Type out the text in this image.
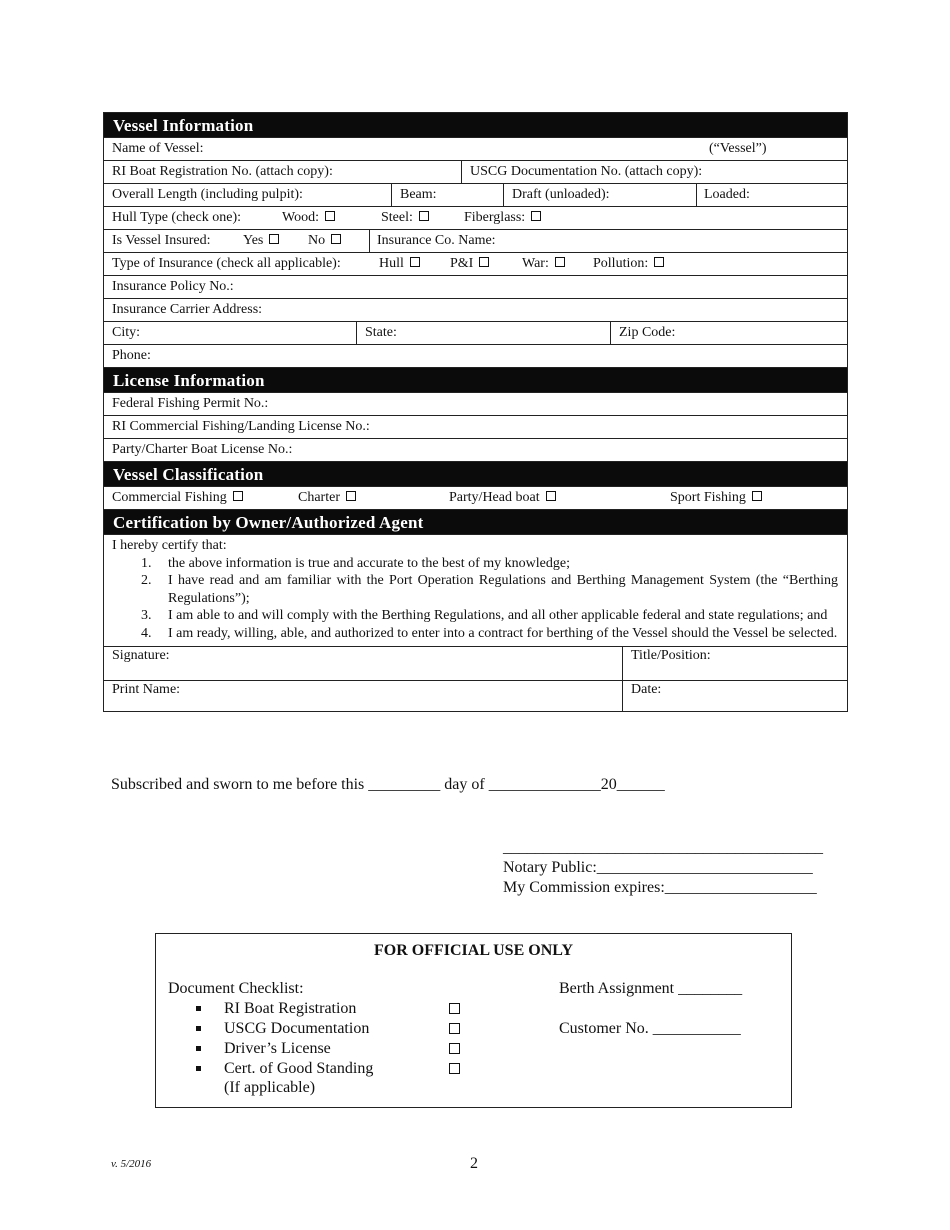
Vessel Information
Name of Vessel:	(“Vessel”)
RI Boat Registration No. (attach copy):	USCG Documentation No. (attach copy):
Overall Length (including pulpit):	Beam:	Draft (unloaded):	Loaded:
Hull Type (check one):	Wood:	Steel:	Fiberglass:
Is Vessel Insured: Yes	No	Insurance Co. Name:
Type of Insurance (check all applicable):	Hull	P&I	War:	Pollution:
Insurance Policy No.:
Insurance Carrier Address:
City:	State:	Zip Code:
Phone:
License Information
Federal Fishing Permit No.:
RI Commercial Fishing/Landing License No.:
Party/Charter Boat License No.:
Vessel Classification
Commercial Fishing	Charter	Party/Head boat	Sport Fishing
Certification by Owner/Authorized Agent
I hereby certify that:
1. the above information is true and accurate to the best of my knowledge;
2. I have read and am familiar with the Port Operation Regulations and Berthing Management System (the “Berthing Regulations”);
3. I am able to and will comply with the Berthing Regulations, and all other applicable federal and state regulations; and
4. I am ready, willing, able, and authorized to enter into a contract for berthing of the Vessel should the Vessel be selected.
Signature:	Title/Position:
Print Name:	Date:
Subscribed and sworn to me before this _________ day of ______________20______
________________________________________
Notary Public:___________________________
My Commission expires:___________________
FOR OFFICIAL USE ONLY
Document Checklist:
RI Boat Registration
USCG Documentation
Driver’s License
Cert. of Good Standing
(If applicable)
Berth Assignment ________
Customer No. ___________
v. 5/2016	2
